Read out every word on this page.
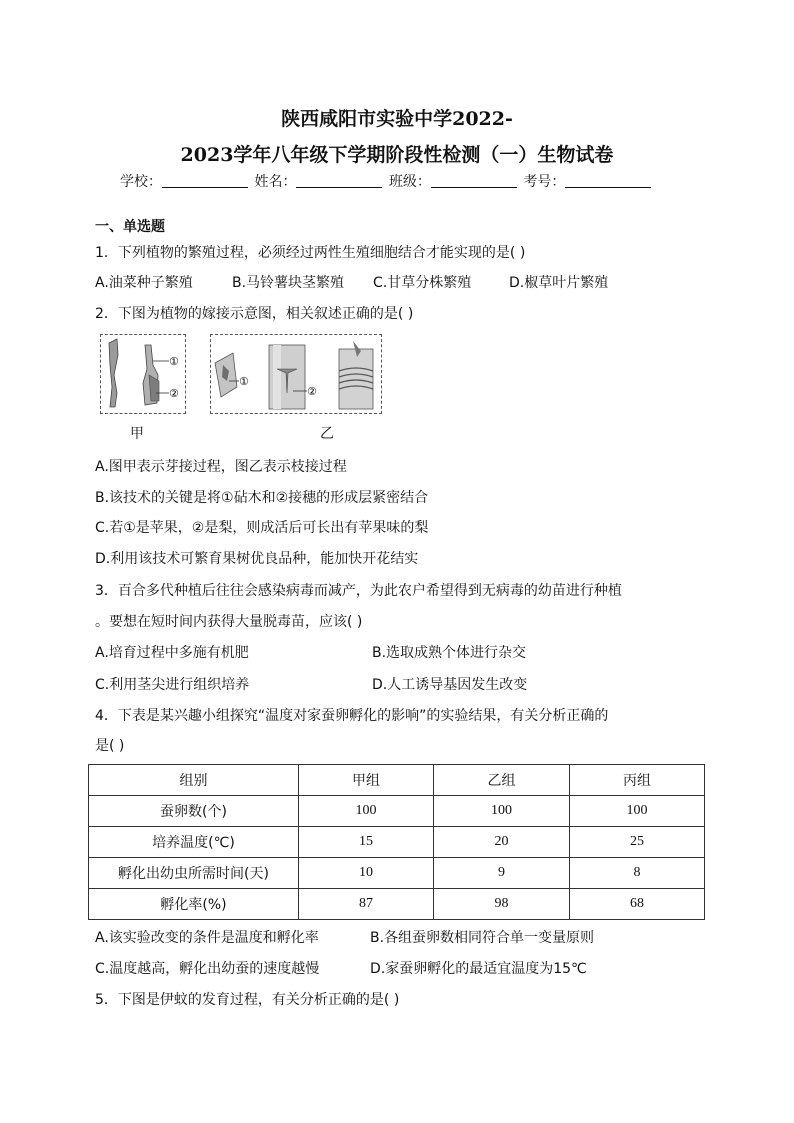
陕西咸阳市实验中学2022-
2023学年八年级下学期阶段性检测（一）生物试卷
学校：	姓名：	班级：	考号：
一、单选题
1．下列植物的繁殖过程，必须经过两性生殖细胞结合才能实现的是( )
A.油菜种子繁殖	B.马铃薯块茎繁殖 C.甘草分株繁殖	D.椒草叶片繁殖
2．下图为植物的嫁接示意图，相关叙述正确的是( )
①
②
①
②
甲	乙
A.图甲表示芽接过程，图乙表示枝接过程
B.该技术的关键是将①砧木和②接穗的形成层紧密结合
C.若①是苹果，②是梨，则成活后可长出有苹果味的梨
D.利用该技术可繁育果树优良品种，能加快开花结实
3．百合多代种植后往往会感染病毒而减产，为此农户希望得到无病毒的幼苗进行种植
。要想在短时间内获得大量脱毒苗，应该( )
A.培育过程中多施有机肥	B.选取成熟个体进行杂交
C.利用茎尖进行组织培养	D.人工诱导基因发生改变
4．下表是某兴趣小组探究“温度对家蚕卵孵化的影响”的实验结果，有关分析正确的
是( )
组别	甲组	乙组	丙组
蚕卵数(个)	100	100	100
培养温度(℃)	15	20	25
孵化出幼虫所需时间(天)	10	9	8
孵化率(%)	87	98	68
A.该实验改变的条件是温度和孵化率	B.各组蚕卵数相同符合单一变量原则
C.温度越高，孵化出幼蚕的速度越慢	D.家蚕卵孵化的最适宜温度为15℃
5．下图是伊蚊的发育过程，有关分析正确的是( )
